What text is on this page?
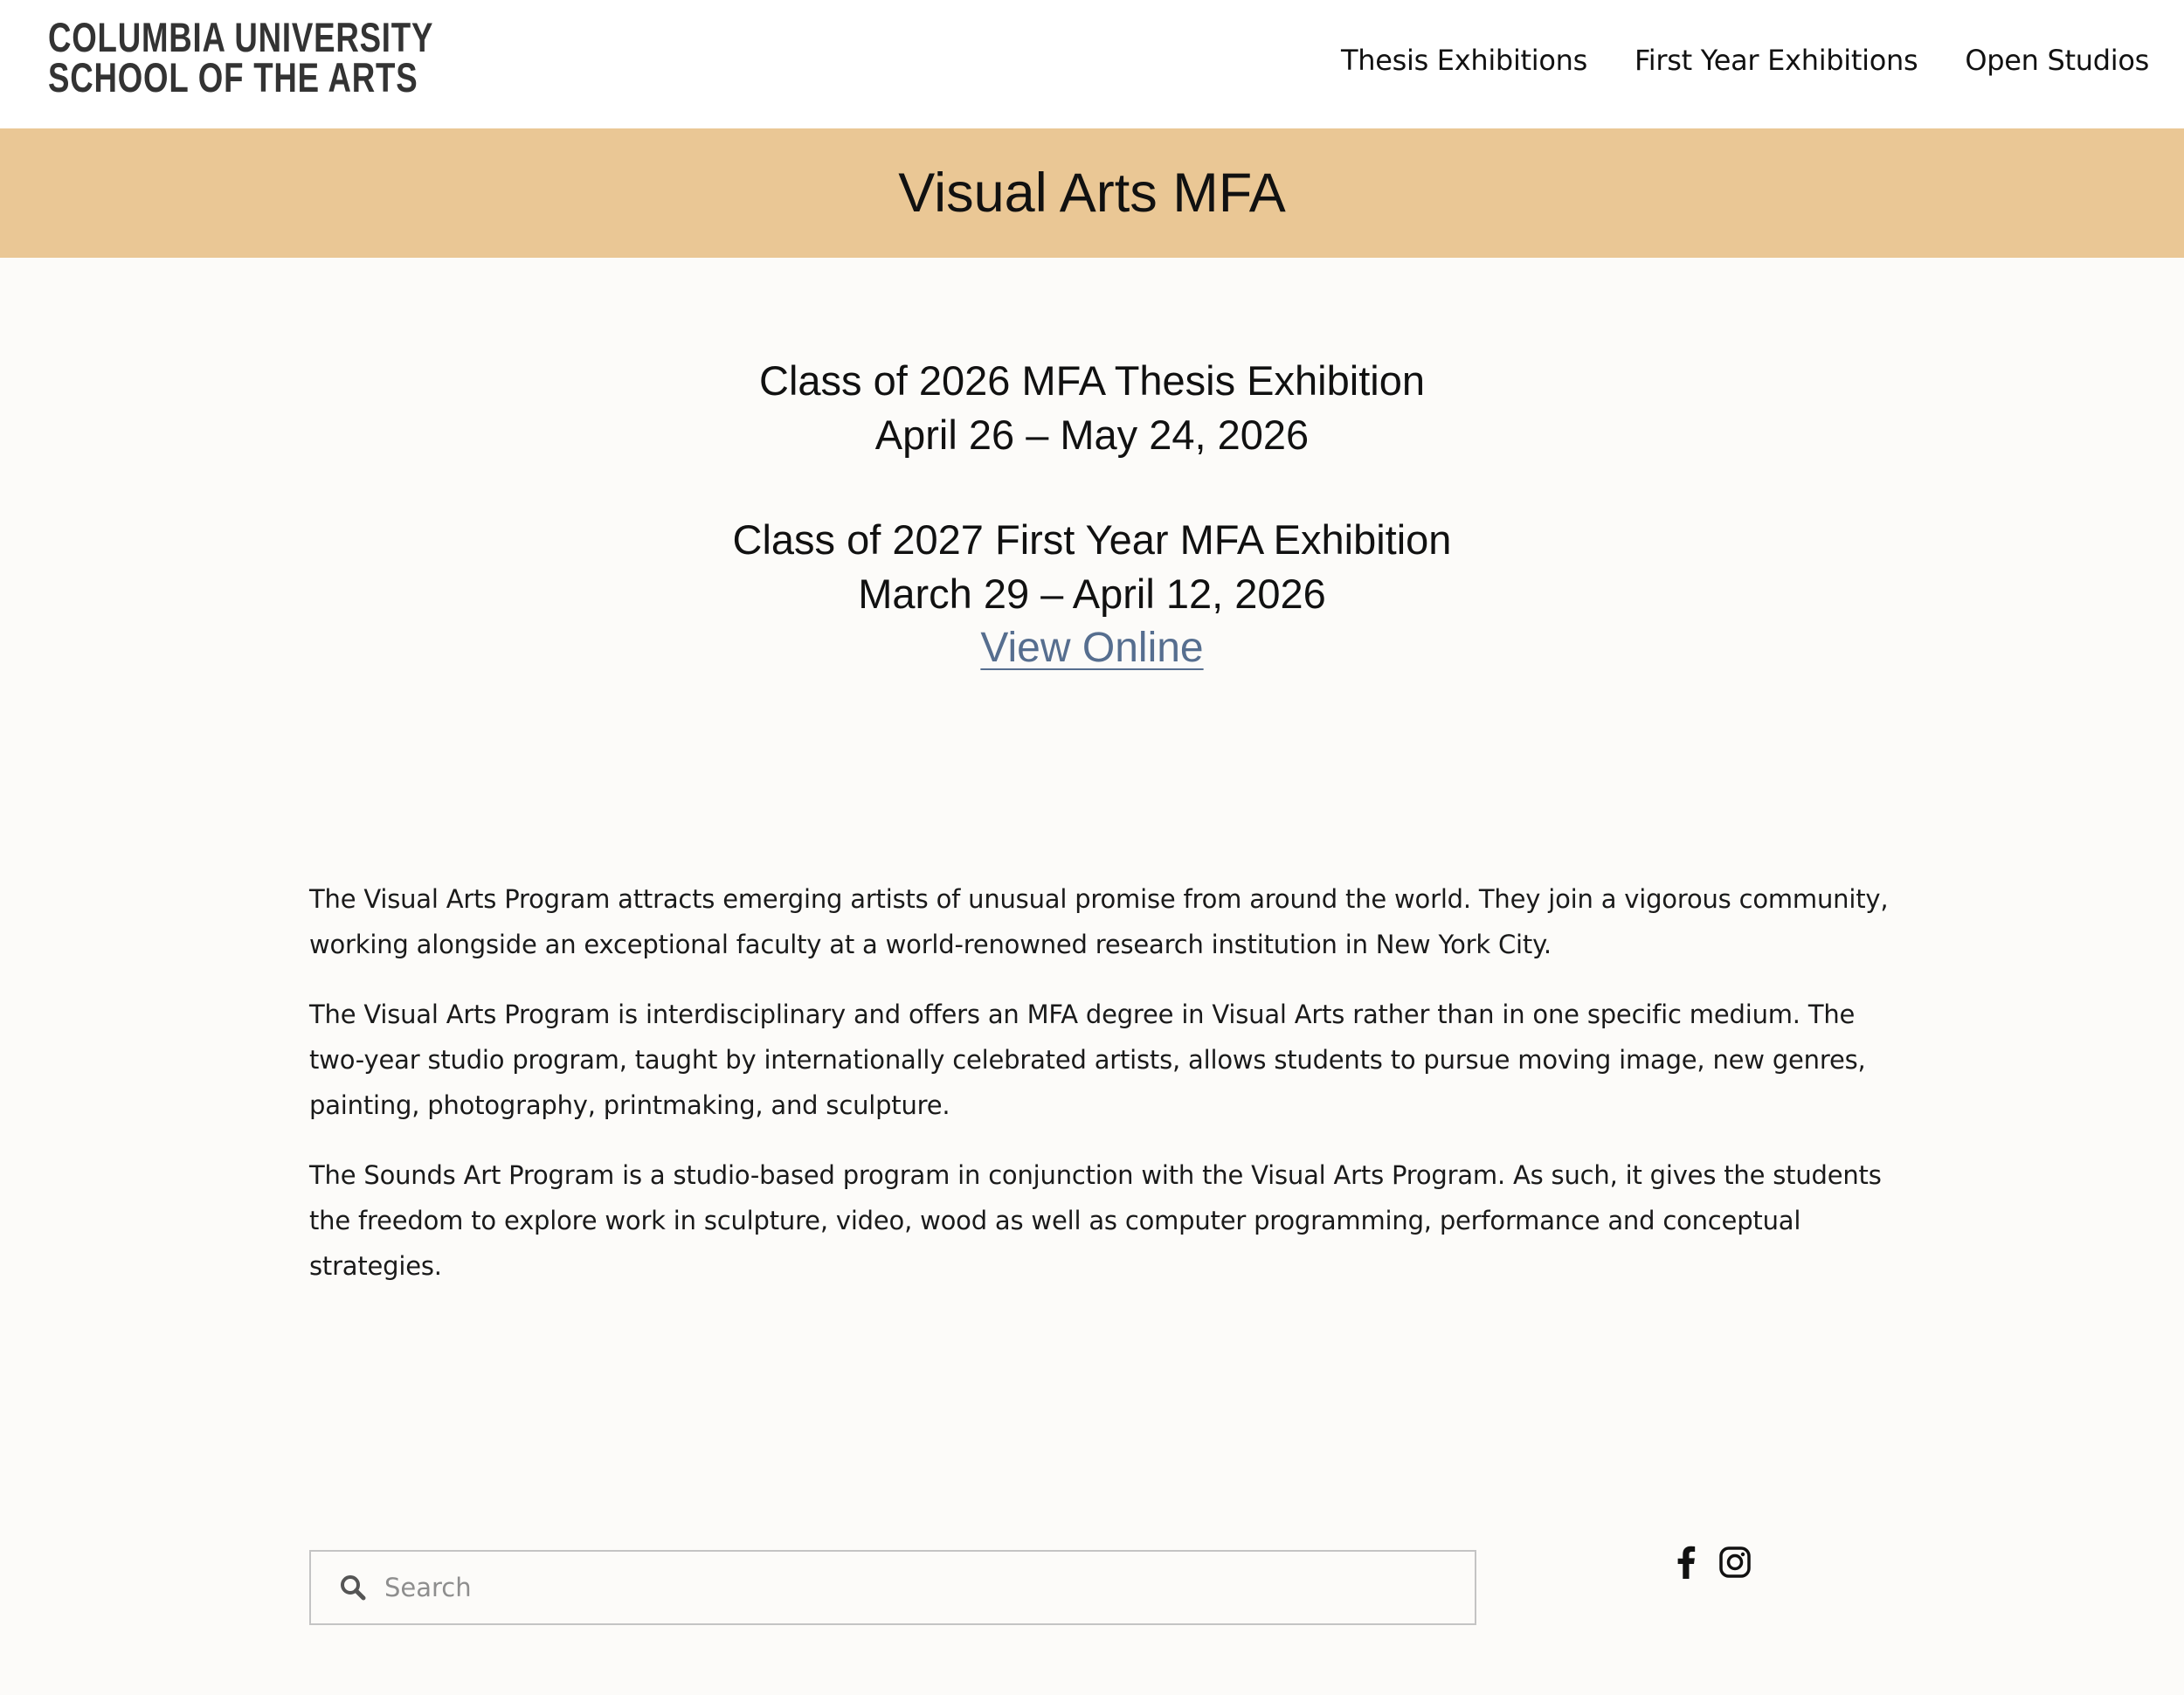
COLUMBIA UNIVERSITY
SCHOOL OF THE ARTS	Thesis Exhibitions First Year Exhibitions Open Studios
Visual Arts MFA
Class of 2026 MFA Thesis Exhibition
April 26 – May 24, 2026
Class of 2027 First Year MFA Exhibition
March 29 – April 12, 2026
View Online

The Visual Arts Program attracts emerging artists of unusual promise from around the world. They join a vigorous community, working alongside an exceptional faculty at a world-renowned research institution in New York City.

The Visual Arts Program is interdisciplinary and offers an MFA degree in Visual Arts rather than in one specific medium. The two-year studio program, taught by internationally celebrated artists, allows students to pursue moving image, new genres, painting, photography, printmaking, and sculpture.

The Sounds Art Program is a studio-based program in conjunction with the Visual Arts Program. As such, it gives the students the freedom to explore work in sculpture, video, wood as well as computer programming, performance and conceptual strategies.

Search
